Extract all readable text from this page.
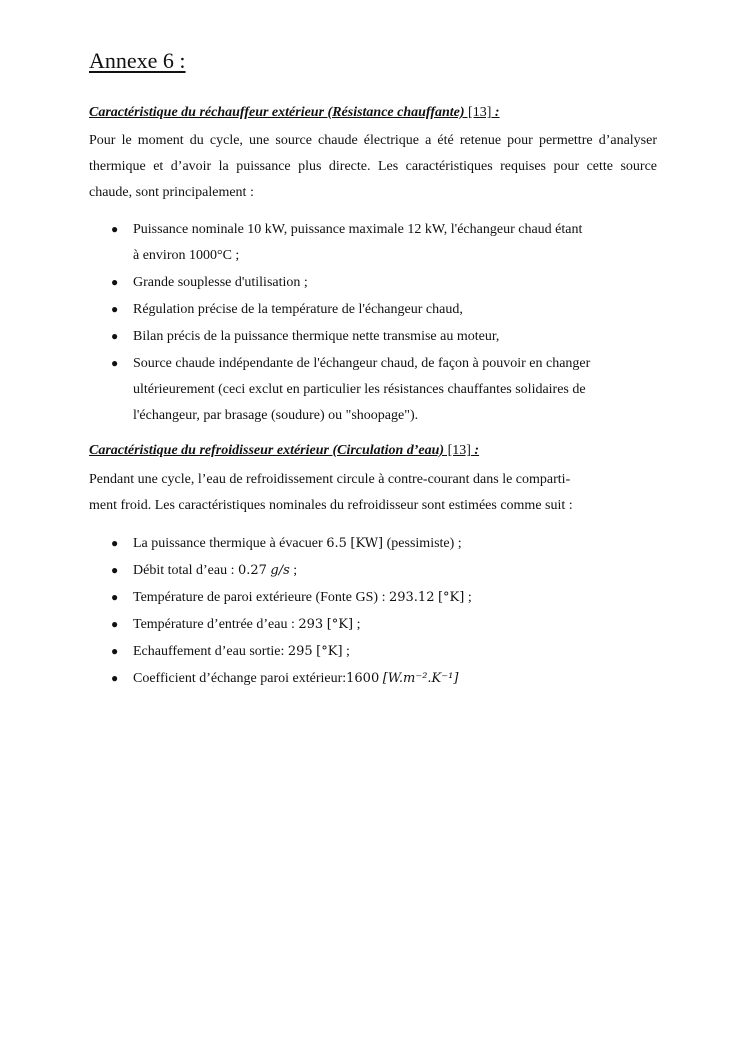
Annexe 6 :
Caractéristique du réchauffeur extérieur (Résistance chauffante) [13] :
Pour le moment du cycle, une source chaude électrique a été retenue pour permettre d’analyser
thermique et d’avoir la puissance plus directe. Les caractéristiques requises pour cette source
chaude, sont principalement :
● Puissance nominale 10 kW, puissance maximale 12 kW, l'échangeur chaud étant
à environ 1000°C ;
● Grande souplesse d'utilisation ;
● Régulation précise de la température de l'échangeur chaud,
● Bilan précis de la puissance thermique nette transmise au moteur,
● Source chaude indépendante de l'échangeur chaud, de façon à pouvoir en changer
ultérieurement (ceci exclut en particulier les résistances chauffantes solidaires de
l'échangeur, par brasage (soudure) ou "shoopage").
Caractéristique du refroidisseur extérieur (Circulation d’eau) [13] :
Pendant une cycle, l’eau de refroidissement circule à contre-courant dans le comparti-
ment froid. Les caractéristiques nominales du refroidisseur sont estimées comme suit :
● La puissance thermique à évacuer 6.5 [KW] (pessimiste) ;
● Débit total d’eau : 0.27 g/s ;
● Température de paroi extérieure (Fonte GS) : 293.12 [°K] ;
● Température d’entrée d’eau : 293 [°K] ;
● Echauffement d’eau sortie: 295 [°K] ;
● Coefficient d’échange paroi extérieur:1600 [W.m⁻².K⁻¹]
